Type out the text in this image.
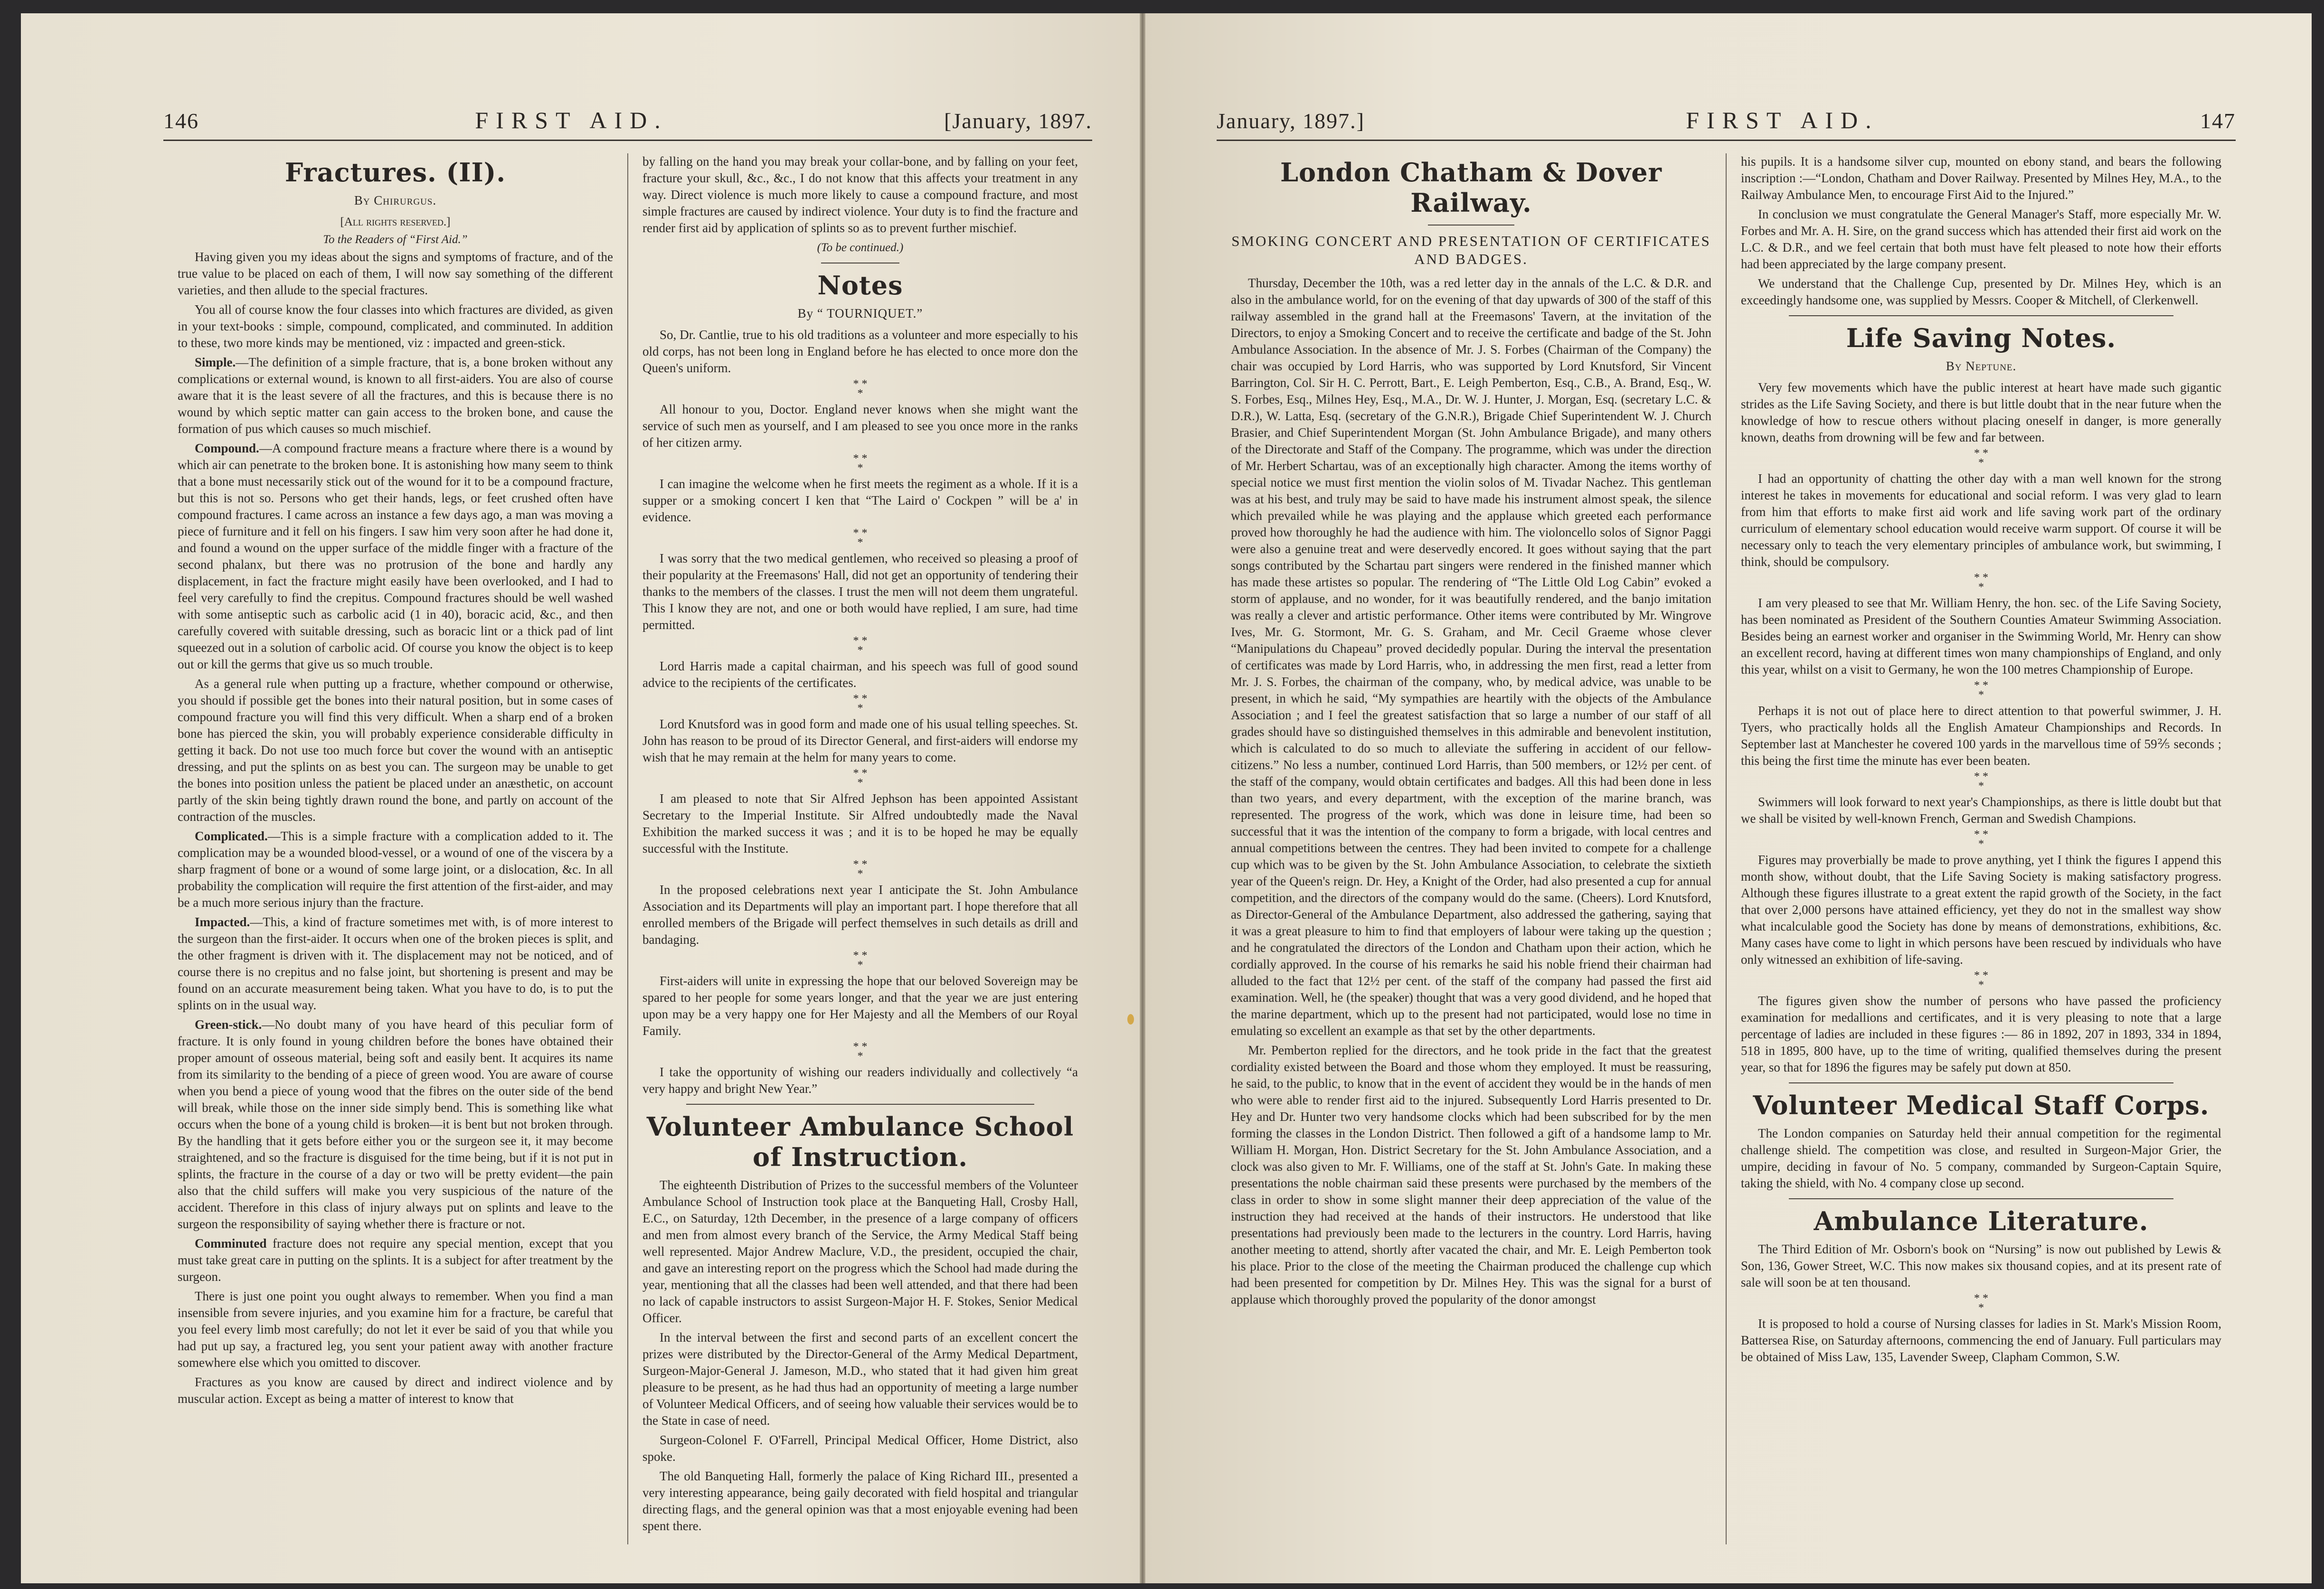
146	FIRST AID.	[January, 1897.
Fractures. (II).

By Chirurgus.

[All rights reserved.]

To the Readers of “First Aid.”

Having given you my ideas about the signs and symptoms of fracture, and of the true value to be placed on each of them, I will now say something of the different varieties, and then allude to the special fractures.

You all of course know the four classes into which fractures are divided, as given in your text-books : simple, compound, complicated, and comminuted. In addition to these, two more kinds may be mentioned, viz : impacted and green-stick.

Simple.—The definition of a simple fracture, that is, a bone broken without any complications or external wound, is known to all first-aiders. You are also of course aware that it is the least severe of all the fractures, and this is because there is no wound by which septic matter can gain access to the broken bone, and cause the formation of pus which causes so much mischief.

Compound.—A compound fracture means a fracture where there is a wound by which air can penetrate to the broken bone. It is astonishing how many seem to think that a bone must necessarily stick out of the wound for it to be a compound fracture, but this is not so. Persons who get their hands, legs, or feet crushed often have compound fractures. I came across an instance a few days ago, a man was moving a piece of furniture and it fell on his fingers. I saw him very soon after he had done it, and found a wound on the upper surface of the middle finger with a fracture of the second phalanx, but there was no protrusion of the bone and hardly any displacement, in fact the fracture might easily have been overlooked, and I had to feel very carefully to find the crepitus. Compound fractures should be well washed with some antiseptic such as carbolic acid (1 in 40), boracic acid, &c., and then carefully covered with suitable dressing, such as boracic lint or a thick pad of lint squeezed out in a solution of carbolic acid. Of course you know the object is to keep out or kill the germs that give us so much trouble.

As a general rule when putting up a fracture, whether compound or otherwise, you should if possible get the bones into their natural position, but in some cases of compound fracture you will find this very difficult. When a sharp end of a broken bone has pierced the skin, you will probably experience considerable difficulty in getting it back. Do not use too much force but cover the wound with an antiseptic dressing, and put the splints on as best you can. The surgeon may be unable to get the bones into position unless the patient be placed under an anæsthetic, on account partly of the skin being tightly drawn round the bone, and partly on account of the contraction of the muscles.

Complicated.—This is a simple fracture with a complication added to it. The complication may be a wounded blood-vessel, or a wound of one of the viscera by a sharp fragment of bone or a wound of some large joint, or a dislocation, &c. In all probability the complication will require the first attention of the first-aider, and may be a much more serious injury than the fracture.

Impacted.—This, a kind of fracture sometimes met with, is of more interest to the surgeon than the first-aider. It occurs when one of the broken pieces is split, and the other fragment is driven with it. The displacement may not be noticed, and of course there is no crepitus and no false joint, but shortening is present and may be found on an accurate measurement being taken. What you have to do, is to put the splints on in the usual way.

Green-stick.—No doubt many of you have heard of this peculiar form of fracture. It is only found in young children before the bones have obtained their proper amount of osseous material, being soft and easily bent. It acquires its name from its similarity to the bending of a piece of green wood. You are aware of course when you bend a piece of young wood that the fibres on the outer side of the bend will break, while those on the inner side simply bend. This is something like what occurs when the bone of a young child is broken—it is bent but not broken through. By the handling that it gets before either you or the surgeon see it, it may become straightened, and so the fracture is disguised for the time being, but if it is not put in splints, the fracture in the course of a day or two will be pretty evident—the pain also that the child suffers will make you very suspicious of the nature of the accident. Therefore in this class of injury always put on splints and leave to the surgeon the responsibility of saying whether there is fracture or not.

Comminuted fracture does not require any special mention, except that you must take great care in putting on the splints. It is a subject for after treatment by the surgeon.

There is just one point you ought always to remember. When you find a man insensible from severe injuries, and you examine him for a fracture, be careful that you feel every limb most carefully; do not let it ever be said of you that while you had put up say, a fractured leg, you sent your patient away with another fracture somewhere else which you omitted to discover.

Fractures as you know are caused by direct and indirect violence and by muscular action. Except as being a matter of interest to know that

by falling on the hand you may break your collar-bone, and by falling on your feet, fracture your skull, &c., &c., I do not know that this affects your treatment in any way. Direct violence is much more likely to cause a compound fracture, and most simple fractures are caused by indirect violence. Your duty is to find the fracture and render first aid by application of splints so as to prevent further mischief.

(To be continued.)

Notes

By “ TOURNIQUET.”

So, Dr. Cantlie, true to his old traditions as a volunteer and more especially to his old corps, has not been long in England before he has elected to once more don the Queen's uniform.

* *
*

All honour to you, Doctor. England never knows when she might want the service of such men as yourself, and I am pleased to see you once more in the ranks of her citizen army.

* *
*

I can imagine the welcome when he first meets the regiment as a whole. If it is a supper or a smoking concert I ken that “The Laird o' Cockpen ” will be a' in evidence.

* *
*

I was sorry that the two medical gentlemen, who received so pleasing a proof of their popularity at the Freemasons' Hall, did not get an opportunity of tendering their thanks to the members of the classes. I trust the men will not deem them ungrateful. This I know they are not, and one or both would have replied, I am sure, had time permitted.

* *
*

Lord Harris made a capital chairman, and his speech was full of good sound advice to the recipients of the certificates.

* *
*

Lord Knutsford was in good form and made one of his usual telling speeches. St. John has reason to be proud of its Director General, and first-aiders will endorse my wish that he may remain at the helm for many years to come.

* *
*

I am pleased to note that Sir Alfred Jephson has been appointed Assistant Secretary to the Imperial Institute. Sir Alfred undoubtedly made the Naval Exhibition the marked success it was ; and it is to be hoped he may be equally successful with the Institute.

* *
*

In the proposed celebrations next year I anticipate the St. John Ambulance Association and its Departments will play an important part. I hope therefore that all enrolled members of the Brigade will perfect themselves in such details as drill and bandaging.

* *
*

First-aiders will unite in expressing the hope that our beloved Sovereign may be spared to her people for some years longer, and that the year we are just entering upon may be a very happy one for Her Majesty and all the Members of our Royal Family.

* *
*

I take the opportunity of wishing our readers individually and collectively “a very happy and bright New Year.”

Volunteer Ambulance School
of Instruction.

The eighteenth Distribution of Prizes to the successful members of the Volunteer Ambulance School of Instruction took place at the Banqueting Hall, Crosby Hall, E.C., on Saturday, 12th December, in the presence of a large company of officers and men from almost every branch of the Service, the Army Medical Staff being well represented. Major Andrew Maclure, V.D., the president, occupied the chair, and gave an interesting report on the progress which the School had made during the year, mentioning that all the classes had been well attended, and that there had been no lack of capable instructors to assist Surgeon-Major H. F. Stokes, Senior Medical Officer.

In the interval between the first and second parts of an excellent concert the prizes were distributed by the Director-General of the Army Medical Department, Surgeon-Major-General J. Jameson, M.D., who stated that it had given him great pleasure to be present, as he had thus had an opportunity of meeting a large number of Volunteer Medical Officers, and of seeing how valuable their services would be to the State in case of need.

Surgeon-Colonel F. O'Farrell, Principal Medical Officer, Home District, also spoke.

The old Banqueting Hall, formerly the palace of King Richard III., presented a very interesting appearance, being gaily decorated with field hospital and triangular directing flags, and the general opinion was that a most enjoyable evening had been spent there.

January, 1897.]	FIRST AID.	147
London Chatham & Dover Railway.

SMOKING CONCERT AND PRESENTATION OF CERTIFICATES AND BADGES.

Thursday, December the 10th, was a red letter day in the annals of the L.C. & D.R. and also in the ambulance world, for on the evening of that day upwards of 300 of the staff of this railway assembled in the grand hall at the Freemasons' Tavern, at the invitation of the Directors, to enjoy a Smoking Concert and to receive the certificate and badge of the St. John Ambulance Association. In the absence of Mr. J. S. Forbes (Chairman of the Company) the chair was occupied by Lord Harris, who was supported by Lord Knutsford, Sir Vincent Barrington, Col. Sir H. C. Perrott, Bart., E. Leigh Pemberton, Esq., C.B., A. Brand, Esq., W. S. Forbes, Esq., Milnes Hey, Esq., M.A., Dr. W. J. Hunter, J. Morgan, Esq. (secretary L.C. & D.R.), W. Latta, Esq. (secretary of the G.N.R.), Brigade Chief Superintendent W. J. Church Brasier, and Chief Superintendent Morgan (St. John Ambulance Brigade), and many others of the Directorate and Staff of the Company. The programme, which was under the direction of Mr. Herbert Schartau, was of an exceptionally high character. Among the items worthy of special notice we must first mention the violin solos of M. Tivadar Nachez. This gentleman was at his best, and truly may be said to have made his instrument almost speak, the silence which prevailed while he was playing and the applause which greeted each performance proved how thoroughly he had the audience with him. The violoncello solos of Signor Paggi were also a genuine treat and were deservedly encored. It goes without saying that the part songs contributed by the Schartau part singers were rendered in the finished manner which has made these artistes so popular. The rendering of “The Little Old Log Cabin” evoked a storm of applause, and no wonder, for it was beautifully rendered, and the banjo imitation was really a clever and artistic performance. Other items were contributed by Mr. Wingrove Ives, Mr. G. Stormont, Mr. G. S. Graham, and Mr. Cecil Graeme whose clever “Manipulations du Chapeau” proved decidedly popular. During the interval the presentation of certificates was made by Lord Harris, who, in addressing the men first, read a letter from Mr. J. S. Forbes, the chairman of the company, who, by medical advice, was unable to be present, in which he said, “My sympathies are heartily with the objects of the Ambulance Association ; and I feel the greatest satisfaction that so large a number of our staff of all grades should have so distinguished themselves in this admirable and benevolent institution, which is calculated to do so much to alleviate the suffering in accident of our fellow-citizens.” No less a number, continued Lord Harris, than 500 members, or 12½ per cent. of the staff of the company, would obtain certificates and badges. All this had been done in less than two years, and every department, with the exception of the marine branch, was represented. The progress of the work, which was done in leisure time, had been so successful that it was the intention of the company to form a brigade, with local centres and annual competitions between the centres. They had been invited to compete for a challenge cup which was to be given by the St. John Ambulance Association, to celebrate the sixtieth year of the Queen's reign. Dr. Hey, a Knight of the Order, had also presented a cup for annual competition, and the directors of the company would do the same. (Cheers). Lord Knutsford, as Director-General of the Ambulance Department, also addressed the gathering, saying that it was a great pleasure to him to find that employers of labour were taking up the question ; and he congratulated the directors of the London and Chatham upon their action, which he cordially approved. In the course of his remarks he said his noble friend their chairman had alluded to the fact that 12½ per cent. of the staff of the company had passed the first aid examination. Well, he (the speaker) thought that was a very good dividend, and he hoped that the marine department, which up to the present had not participated, would lose no time in emulating so excellent an example as that set by the other departments.

Mr. Pemberton replied for the directors, and he took pride in the fact that the greatest cordiality existed between the Board and those whom they employed. It must be reassuring, he said, to the public, to know that in the event of accident they would be in the hands of men who were able to render first aid to the injured. Subsequently Lord Harris presented to Dr. Hey and Dr. Hunter two very handsome clocks which had been subscribed for by the men forming the classes in the London District. Then followed a gift of a handsome lamp to Mr. William H. Morgan, Hon. District Secretary for the St. John Ambulance Association, and a clock was also given to Mr. F. Williams, one of the staff at St. John's Gate. In making these presentations the noble chairman said these presents were purchased by the members of the class in order to show in some slight manner their deep appreciation of the value of the instruction they had received at the hands of their instructors. He understood that like presentations had previously been made to the lecturers in the country. Lord Harris, having another meeting to attend, shortly after vacated the chair, and Mr. E. Leigh Pemberton took his place. Prior to the close of the meeting the Chairman produced the challenge cup which had been presented for competition by Dr. Milnes Hey. This was the signal for a burst of applause which thoroughly proved the popularity of the donor amongst

his pupils. It is a handsome silver cup, mounted on ebony stand, and bears the following inscription :—“London, Chatham and Dover Railway. Presented by Milnes Hey, M.A., to the Railway Ambulance Men, to encourage First Aid to the Injured.”

In conclusion we must congratulate the General Manager's Staff, more especially Mr. W. Forbes and Mr. A. H. Sire, on the grand success which has attended their first aid work on the L.C. & D.R., and we feel certain that both must have felt pleased to note how their efforts had been appreciated by the large company present.

We understand that the Challenge Cup, presented by Dr. Milnes Hey, which is an exceedingly handsome one, was supplied by Messrs. Cooper & Mitchell, of Clerkenwell.

Life Saving Notes.

By Neptune.

Very few movements which have the public interest at heart have made such gigantic strides as the Life Saving Society, and there is but little doubt that in the near future when the knowledge of how to rescue others without placing oneself in danger, is more generally known, deaths from drowning will be few and far between.

* *
*

I had an opportunity of chatting the other day with a man well known for the strong interest he takes in movements for educational and social reform. I was very glad to learn from him that efforts to make first aid work and life saving work part of the ordinary curriculum of elementary school education would receive warm support. Of course it will be necessary only to teach the very elementary principles of ambulance work, but swimming, I think, should be compulsory.

* *
*

I am very pleased to see that Mr. William Henry, the hon. sec. of the Life Saving Society, has been nominated as President of the Southern Counties Amateur Swimming Association. Besides being an earnest worker and organiser in the Swimming World, Mr. Henry can show an excellent record, having at different times won many championships of England, and only this year, whilst on a visit to Germany, he won the 100 metres Championship of Europe.

* *
*

Perhaps it is not out of place here to direct attention to that powerful swimmer, J. H. Tyers, who practically holds all the English Amateur Championships and Records. In September last at Manchester he covered 100 yards in the marvellous time of 59⅖ seconds ; this being the first time the minute has ever been beaten.

* *
*

Swimmers will look forward to next year's Championships, as there is little doubt but that we shall be visited by well-known French, German and Swedish Champions.

* *
*

Figures may proverbially be made to prove anything, yet I think the figures I append this month show, without doubt, that the Life Saving Society is making satisfactory progress. Although these figures illustrate to a great extent the rapid growth of the Society, in the fact that over 2,000 persons have attained efficiency, yet they do not in the smallest way show what incalculable good the Society has done by means of demonstrations, exhibitions, &c. Many cases have come to light in which persons have been rescued by individuals who have only witnessed an exhibition of life-saving.

* *
*

The figures given show the number of persons who have passed the proficiency examination for medallions and certificates, and it is very pleasing to note that a large percentage of ladies are included in these figures :— 86 in 1892, 207 in 1893, 334 in 1894, 518 in 1895, 800 have, up to the time of writing, qualified themselves during the present year, so that for 1896 the figures may be safely put down at 850.

Volunteer Medical Staff Corps.

The London companies on Saturday held their annual competition for the regimental challenge shield. The competition was close, and resulted in Surgeon-Major Grier, the umpire, deciding in favour of No. 5 company, commanded by Surgeon-Captain Squire, taking the shield, with No. 4 company close up second.

Ambulance Literature.

The Third Edition of Mr. Osborn's book on “Nursing” is now out published by Lewis & Son, 136, Gower Street, W.C. This now makes six thousand copies, and at its present rate of sale will soon be at ten thousand.

* *
*

It is proposed to hold a course of Nursing classes for ladies in St. Mark's Mission Room, Battersea Rise, on Saturday afternoons, commencing the end of January. Full particulars may be obtained of Miss Law, 135, Lavender Sweep, Clapham Common, S.W.
